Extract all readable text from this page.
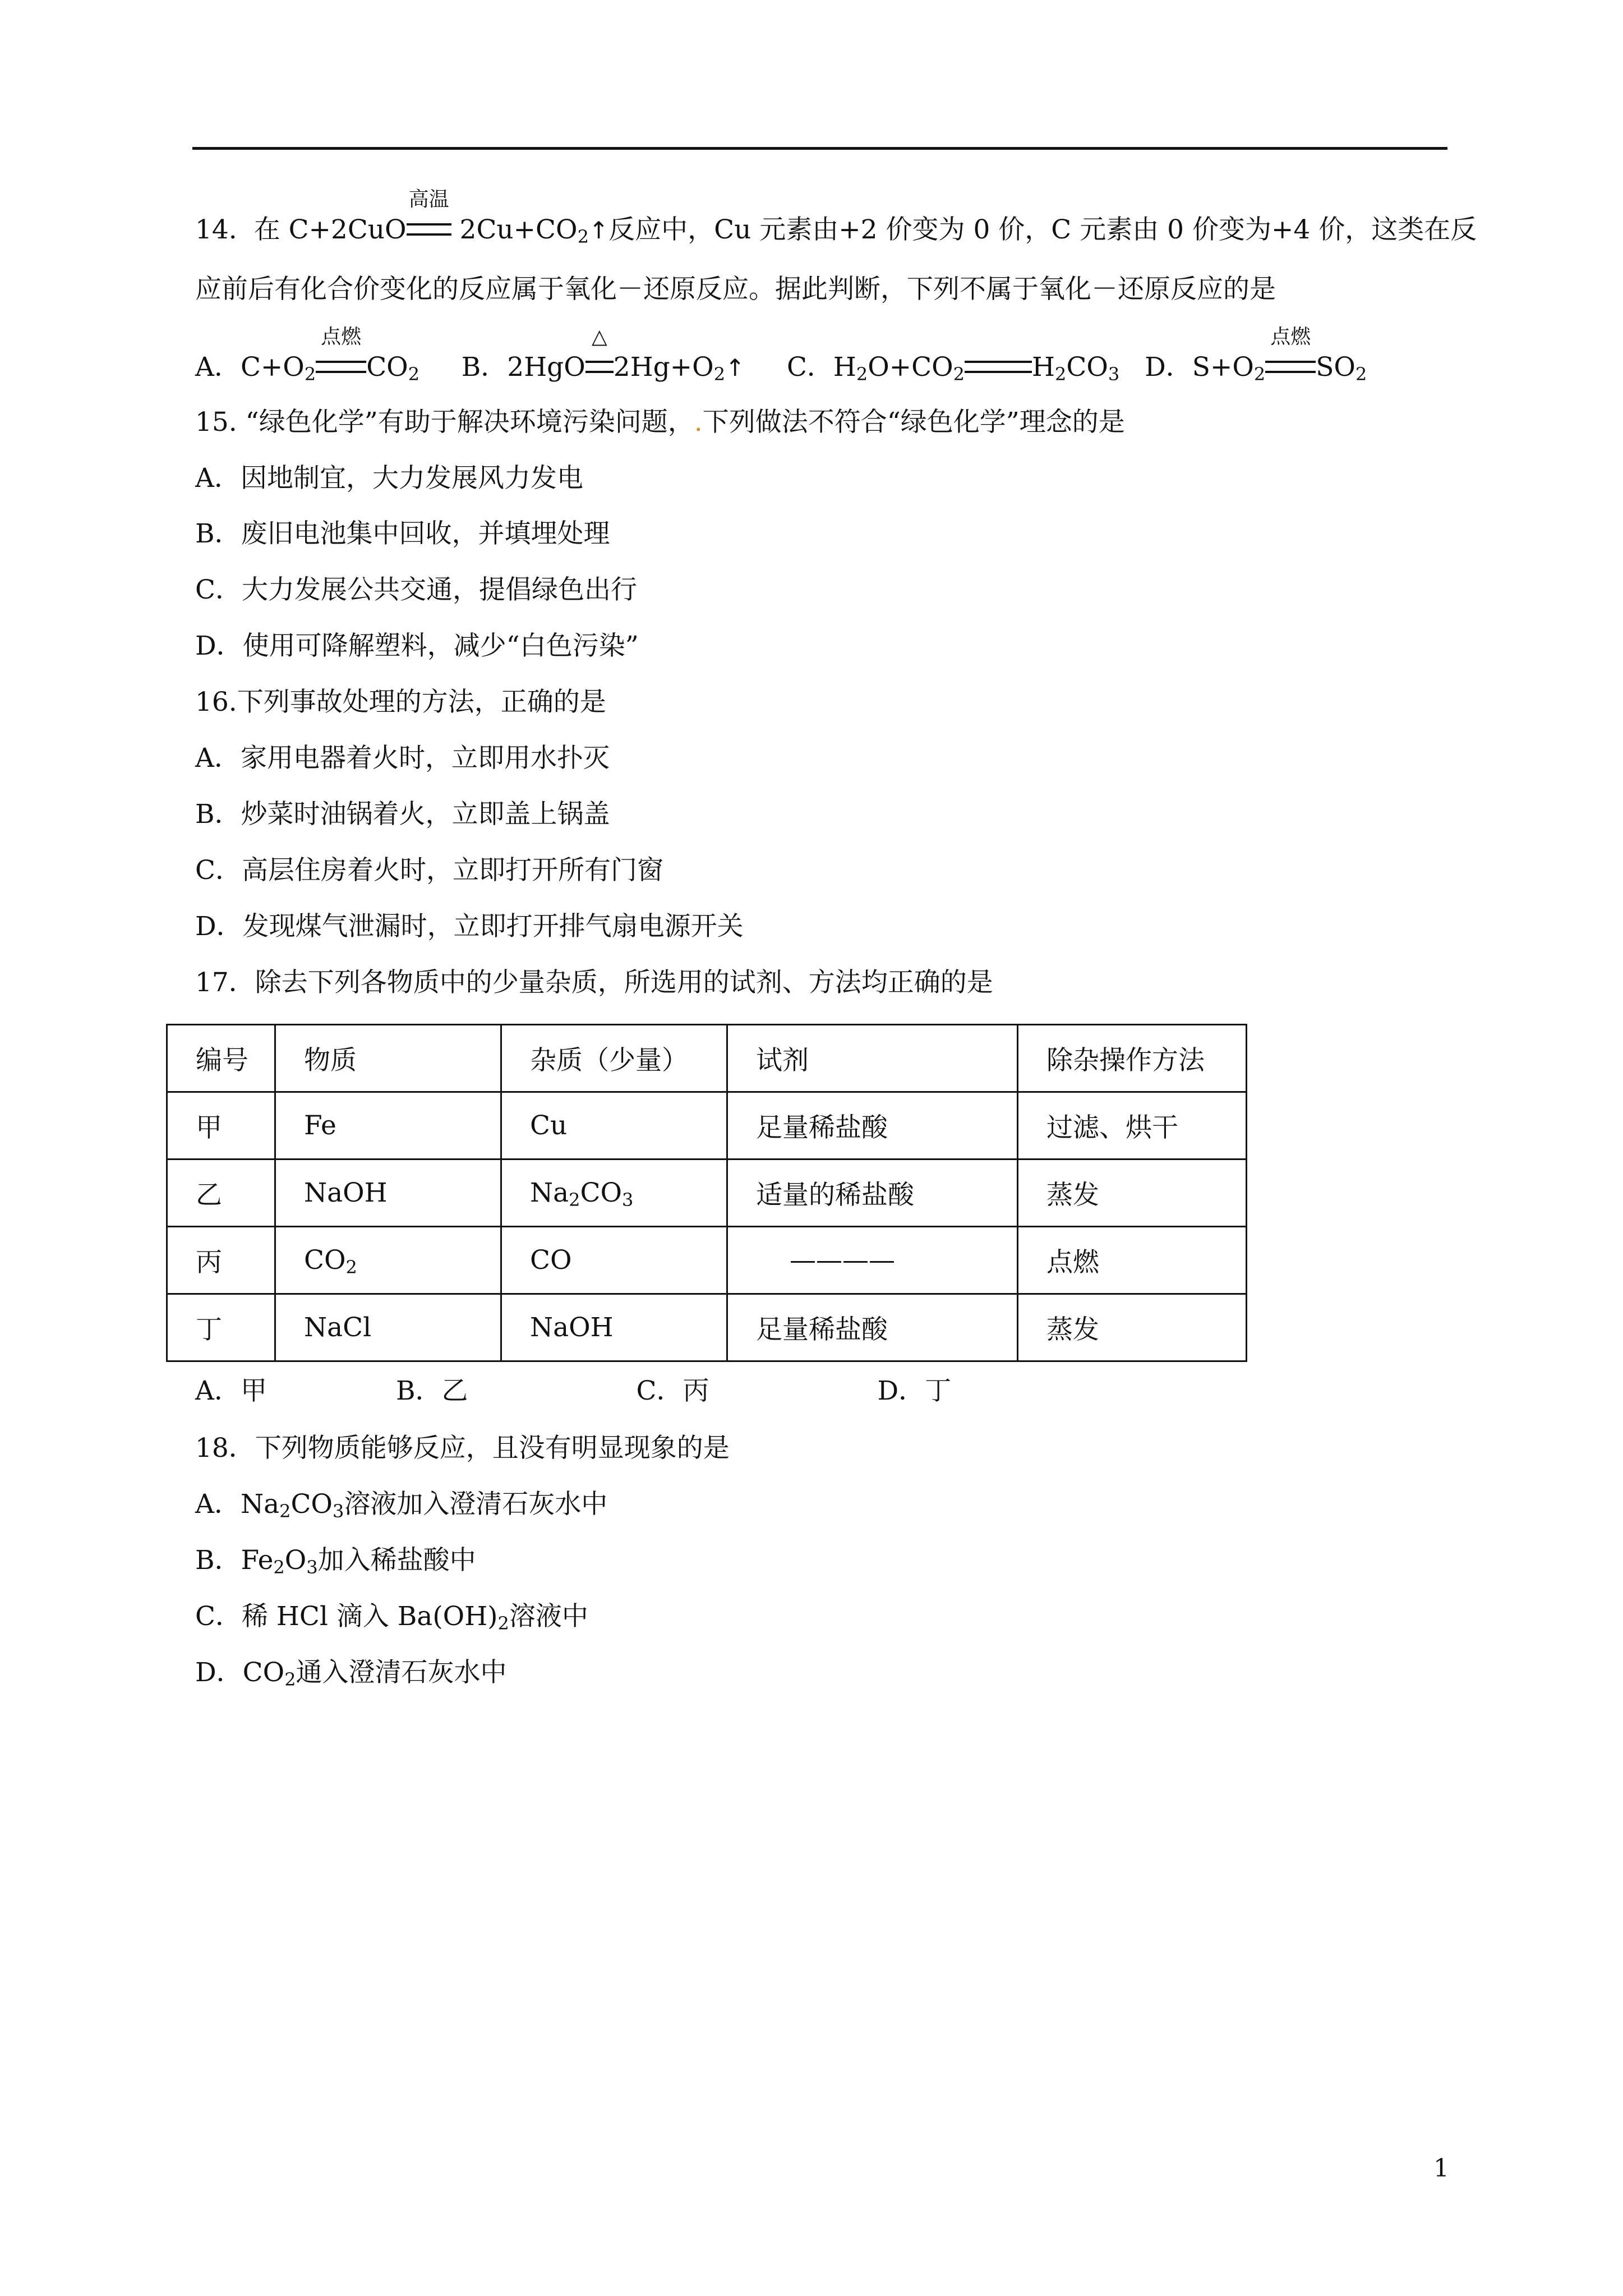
14. 在 C+2CuO
高温
$2Cu+CO_2↑$反应中，Cu 元素由+2 价变为 0 价，C 元素由 0 价变为+4 价，这类在反
应前后有化合价变化的反应属于氧化－还原反应。据此判断，下列不属于氧化－还原反应的是
A．$C+O_2$
点燃
$CO_2$ B．2HgO
△
$2Hg+O_2↑$ C．$H_2O+CO_2$	$H_2CO_3$ D．$S+O_2$
点燃
$SO_2$
15. “绿色化学”有助于解决环境污染问题，.下列做法不符合“绿色化学”理念的是
A．因地制宜，大力发展风力发电
B．废旧电池集中回收，并填埋处理
C．大力发展公共交通，提倡绿色出行
D．使用可降解塑料，减少“白色污染”
16.下列事故处理的方法，正确的是
A．家用电器着火时，立即用水扑灭
B．炒菜时油锅着火，立即盖上锅盖
C．高层住房着火时，立即打开所有门窗
D．发现煤气泄漏时，立即打开排气扇电源开关
17．除去下列各物质中的少量杂质，所选用的试剂、方法均正确的是
编号	物质	杂质（少量）	试剂	除杂操作方法
甲	Fe	Cu	足量稀盐酸	过滤、烘干
乙	NaOH	$Na_2CO_3$	适量的稀盐酸	蒸发
丙	$CO_2$	CO	————	点燃
丁	NaCl	NaOH	足量稀盐酸	蒸发
A．甲	B．乙	C．丙	D．丁
18．下列物质能够反应，且没有明显现象的是
A．$Na_2CO_3$溶液加入澄清石灰水中
B．$Fe_2O_3$加入稀盐酸中
C．稀 HCl 滴入 $Ba(OH)_2$溶液中
D．$CO_2$通入澄清石灰水中
1
